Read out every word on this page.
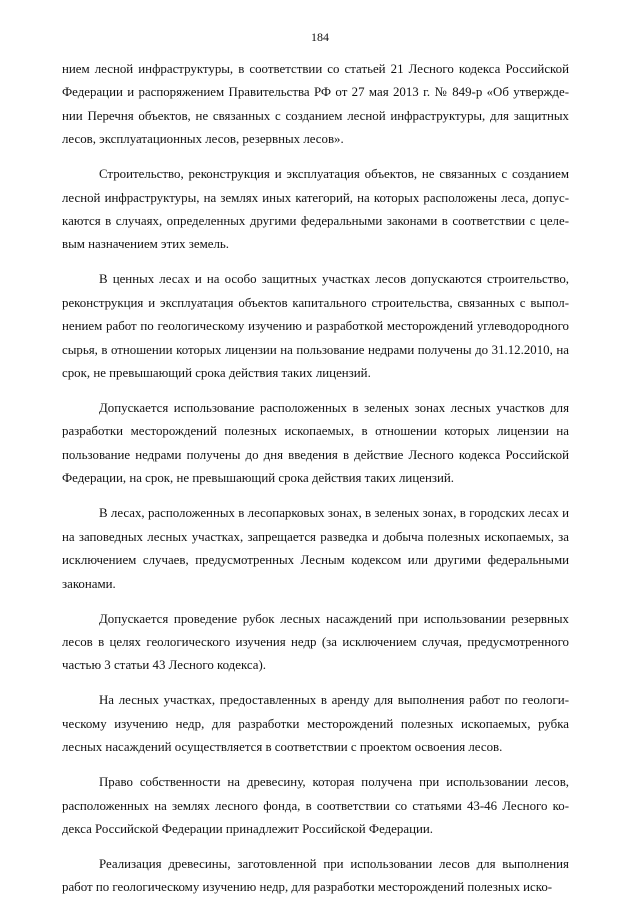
184

нием лесной инфраструктуры, в соответствии со статьей 21 Лесного кодекса Российской Федерации и распоряжением Правительства РФ от 27 мая 2013 г. № 849-р «Об утверждении Перечня объектов, не связанных с созданием лесной инфраструктуры, для защитных лесов, эксплуатационных лесов, резервных лесов».

Строительство, реконструкция и эксплуатация объектов, не связанных с созданием лесной инфраструктуры, на землях иных категорий, на которых расположены леса, допускаются в случаях, определенных другими федеральными законами в соответствии с целевым назначением этих земель.

В ценных лесах и на особо защитных участках лесов допускаются строительство, реконструкция и эксплуатация объектов капитального строительства, связанных с выполнением работ по геологическому изучению и разработкой месторождений углеводородного сырья, в отношении которых лицензии на пользование недрами получены до 31.12.2010, на срок, не превышающий срока действия таких лицензий.

Допускается использование расположенных в зеленых зонах лесных участков для разработки месторождений полезных ископаемых, в отношении которых лицензии на пользование недрами получены до дня введения в действие Лесного кодекса Российской Федерации, на срок, не превышающий срока действия таких лицензий.

В лесах, расположенных в лесопарковых зонах, в зеленых зонах, в городских лесах и на заповедных лесных участках, запрещается разведка и добыча полезных ископаемых, за исключением случаев, предусмотренных Лесным кодексом или другими федеральными законами.

Допускается проведение рубок лесных насаждений при использовании резервных лесов в целях геологического изучения недр (за исключением случая, предусмотренного частью 3 статьи 43 Лесного кодекса).

На лесных участках, предоставленных в аренду для выполнения работ по геологическому изучению недр, для разработки месторождений полезных ископаемых, рубка лесных насаждений осуществляется в соответствии с проектом освоения лесов.

Право собственности на древесину, которая получена при использовании лесов, расположенных на землях лесного фонда, в соответствии со статьями 43-46 Лесного кодекса Российской Федерации принадлежит Российской Федерации.

Реализация древесины, заготовленной при использовании лесов для выполнения работ по геологическому изучению недр, для разработки месторождений полезных иско-
